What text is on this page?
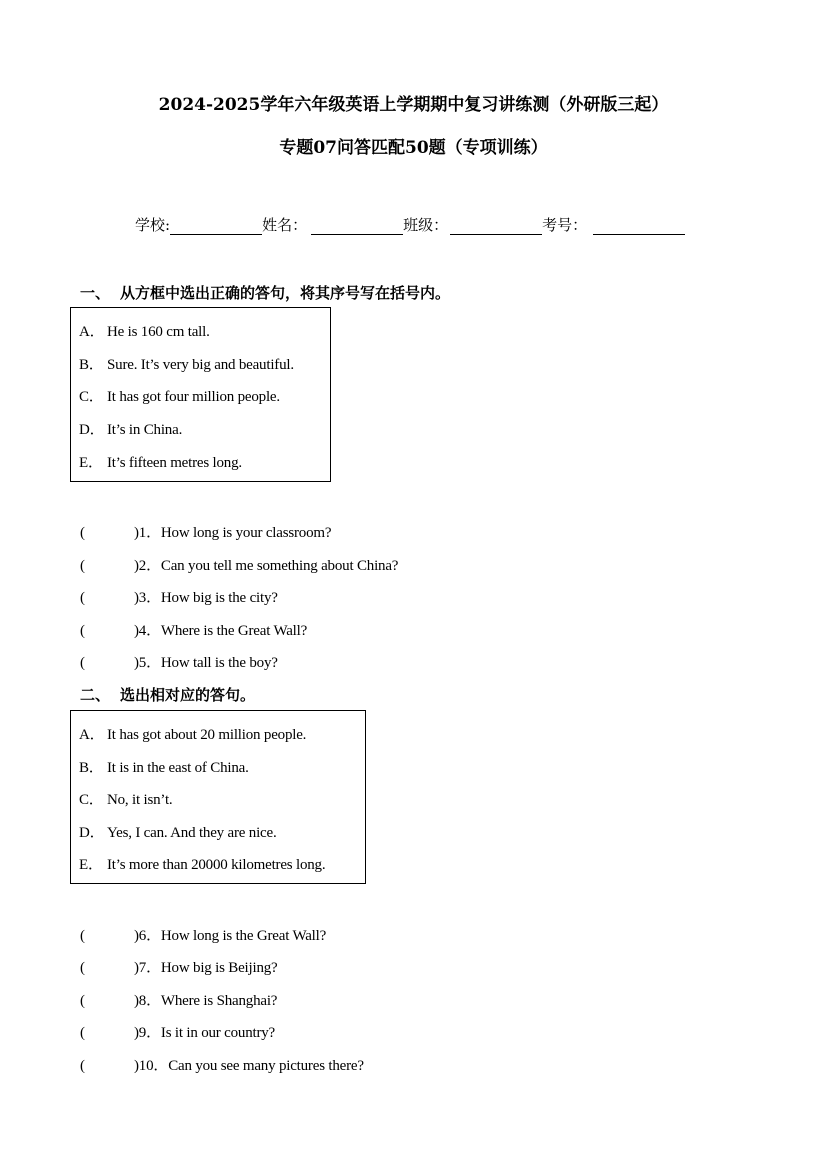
2024-2025学年六年级英语上学期期中复习讲练测（外研版三起）
专题07问答匹配50题（专项训练）
学校:	姓名：	班级：	考号：
一、 从方框中选出正确的答句，将其序号写在括号内。
A． He is 160 cm tall.
B． Sure. It’s very big and beautiful.
C． It has got four million people.
D． It’s in China.
E． It’s fifteen metres long.
(	)1．How long is your classroom?
(	)2．Can you tell me something about China?
(	)3．How big is the city?
(	)4．Where is the Great Wall?
(	)5．How tall is the boy?
二、 选出相对应的答句。
A． It has got about 20 million people.
B． It is in the east of China.
C． No, it isn’t.
D． Yes, I can. And they are nice.
E． It’s more than 20000 kilometres long.
(	)6．How long is the Great Wall?
(	)7．How big is Beijing?
(	)8．Where is Shanghai?
(	)9．Is it in our country?
(	)10．Can you see many pictures there?
